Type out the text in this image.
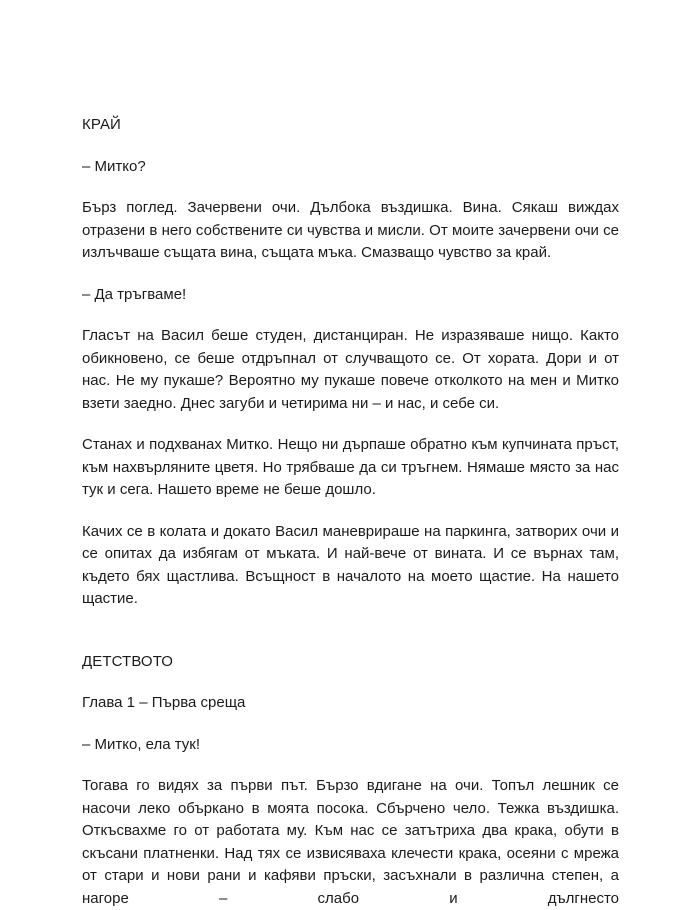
КРАЙ

– Митко?

Бърз поглед. Зачервени очи. Дълбока въздишка. Вина. Сякаш виждах отразени в него собствените си чувства и мисли. От моите зачервени очи се излъчваше същата вина, същата мъка. Смазващо чувство за край.

– Да тръгваме!

Гласът на Васил беше студен, дистанциран. Не изразяваше нищо. Както обикновено, се беше отдръпнал от случващото се. От хората. Дори и от нас. Не му пукаше? Вероятно му пукаше повече отколкото на мен и Митко взети заедно. Днес загуби и четирима ни – и нас, и себе си.

Станах и подхванах Митко. Нещо ни дърпаше обратно към купчината пръст, към нахвърляните цветя. Но трябваше да си тръгнем. Нямаше място за нас тук и сега. Нашето време не беше дошло.

Качих се в колата и докато Васил маневрираше на паркинга, затворих очи и се опитах да избягам от мъката. И най-вече от вината. И се върнах там, където бях щастлива. Всъщност в началото на моето щастие. На нашето щастие.

ДЕТСТВОТО

Глава 1 – Първа среща

– Митко, ела тук!

Тогава го видях за първи път. Бързо вдигане на очи. Топъл лешник се насочи леко объркано в моята посока. Сбърчено чело. Тежка въздишка. Откъсвахме го от работата му. Към нас се затътриха два крака, обути в скъсани платненки. Над тях се извисяваха клечести крака, осеяни с мрежа от стари и нови рани и кафяви пръски, засъхнали в различна степен, а нагоре – слабо и дългнесто
